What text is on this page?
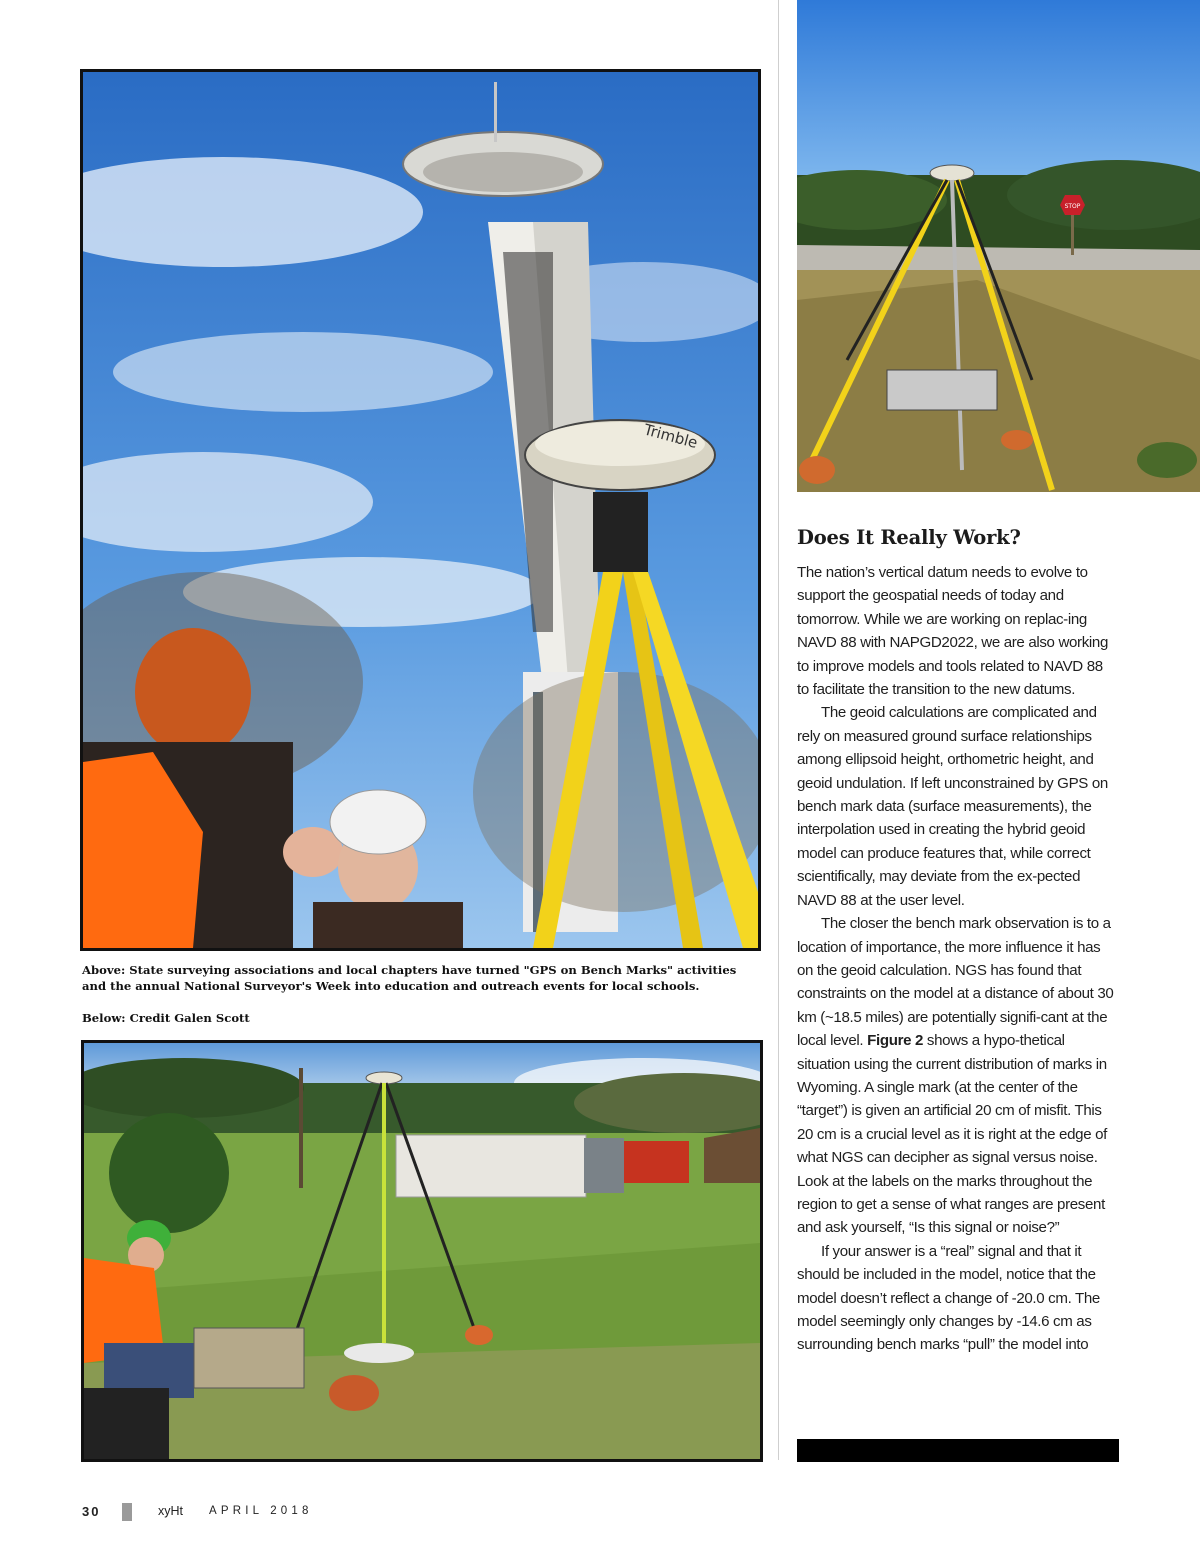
Trimble
STOP
Above: State surveying associations and local chapters have turned "GPS on Bench Marks" activities and the annual National Surveyor's Week into education and outreach events for local schools.
Below: Credit Galen Scott
Does It Really Work?

The nation’s vertical datum needs to evolve to support the geospatial needs of today and tomorrow. While we are working on replac-ing NAVD 88 with NAPGD2022, we are also working to improve models and tools related to NAVD 88 to facilitate the transition to the new datums.

The geoid calculations are complicated and rely on measured ground surface relationships among ellipsoid height, orthometric height, and geoid undulation. If left unconstrained by GPS on bench mark data (surface measurements), the interpolation used in creating the hybrid geoid model can produce features that, while correct scientifically, may deviate from the ex-pected NAVD 88 at the user level.

The closer the bench mark observation is to a location of importance, the more influence it has on the geoid calculation. NGS has found that constraints on the model at a distance of about 30 km (~18.5 miles) are potentially signifi-cant at the local level. Figure 2 shows a hypo-thetical situation using the current distribution of marks in Wyoming. A single mark (at the center of the “target”) is given an artificial 20 cm of misfit. This 20 cm is a crucial level as it is right at the edge of what NGS can decipher as signal versus noise. Look at the labels on the marks throughout the region to get a sense of what ranges are present and ask yourself, “Is this signal or noise?”

If your answer is a “real” signal and that it should be included in the model, notice that the model doesn’t reflect a change of -20.0 cm. The model seemingly only changes by -14.6 cm as surrounding bench marks “pull” the model into

30	xyHt APRIL 2018
